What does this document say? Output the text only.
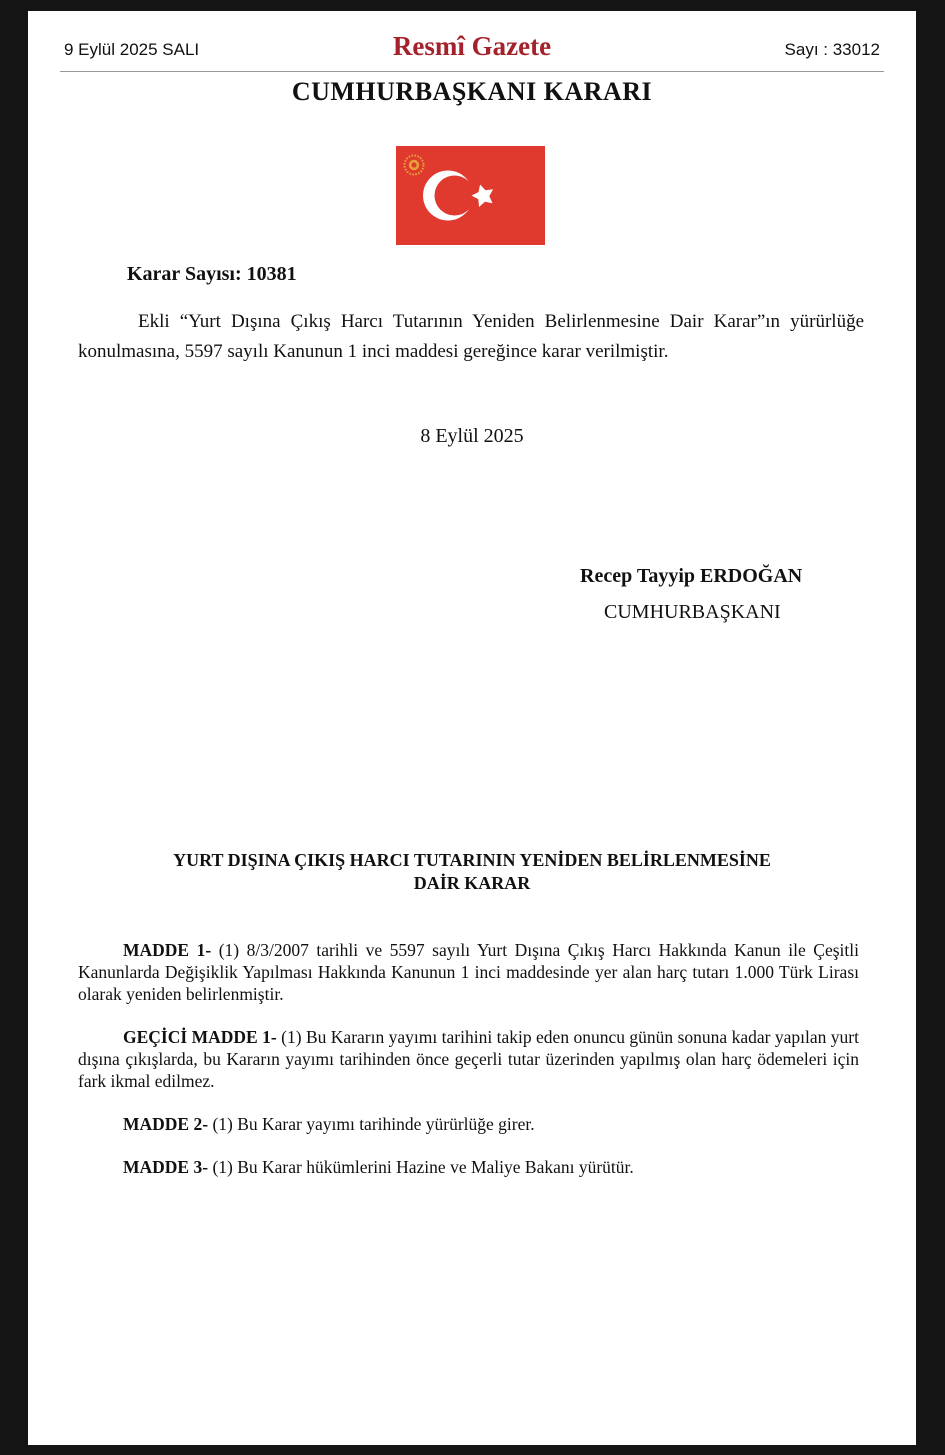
9 Eylül 2025 SALI	Resmî Gazete	Sayı : 33012
CUMHURBAŞKANI KARARI
Karar Sayısı: 10381
Ekli “Yurt Dışına Çıkış Harcı Tutarının Yeniden Belirlenmesine Dair Karar”ın yürürlüğe konulmasına, 5597 sayılı Kanunun 1 inci maddesi gereğince karar verilmiştir.
8 Eylül 2025
Recep Tayyip ERDOĞAN
CUMHURBAŞKANI
YURT DIŞINA ÇIKIŞ HARCI TUTARININ YENİDEN BELİRLENMESİNE
DAİR KARAR

MADDE 1- (1) 8/3/2007 tarihli ve 5597 sayılı Yurt Dışına Çıkış Harcı Hakkında Kanun ile Çeşitli Kanunlarda Değişiklik Yapılması Hakkında Kanunun 1 inci maddesinde yer alan harç tutarı 1.000 Türk Lirası olarak yeniden belirlenmiştir.

GEÇİCİ MADDE 1- (1) Bu Kararın yayımı tarihini takip eden onuncu günün sonuna kadar yapılan yurt dışına çıkışlarda, bu Kararın yayımı tarihinden önce geçerli tutar üzerinden yapılmış olan harç ödemeleri için fark ikmal edilmez.

MADDE 2- (1) Bu Karar yayımı tarihinde yürürlüğe girer.

MADDE 3- (1) Bu Karar hükümlerini Hazine ve Maliye Bakanı yürütür.
